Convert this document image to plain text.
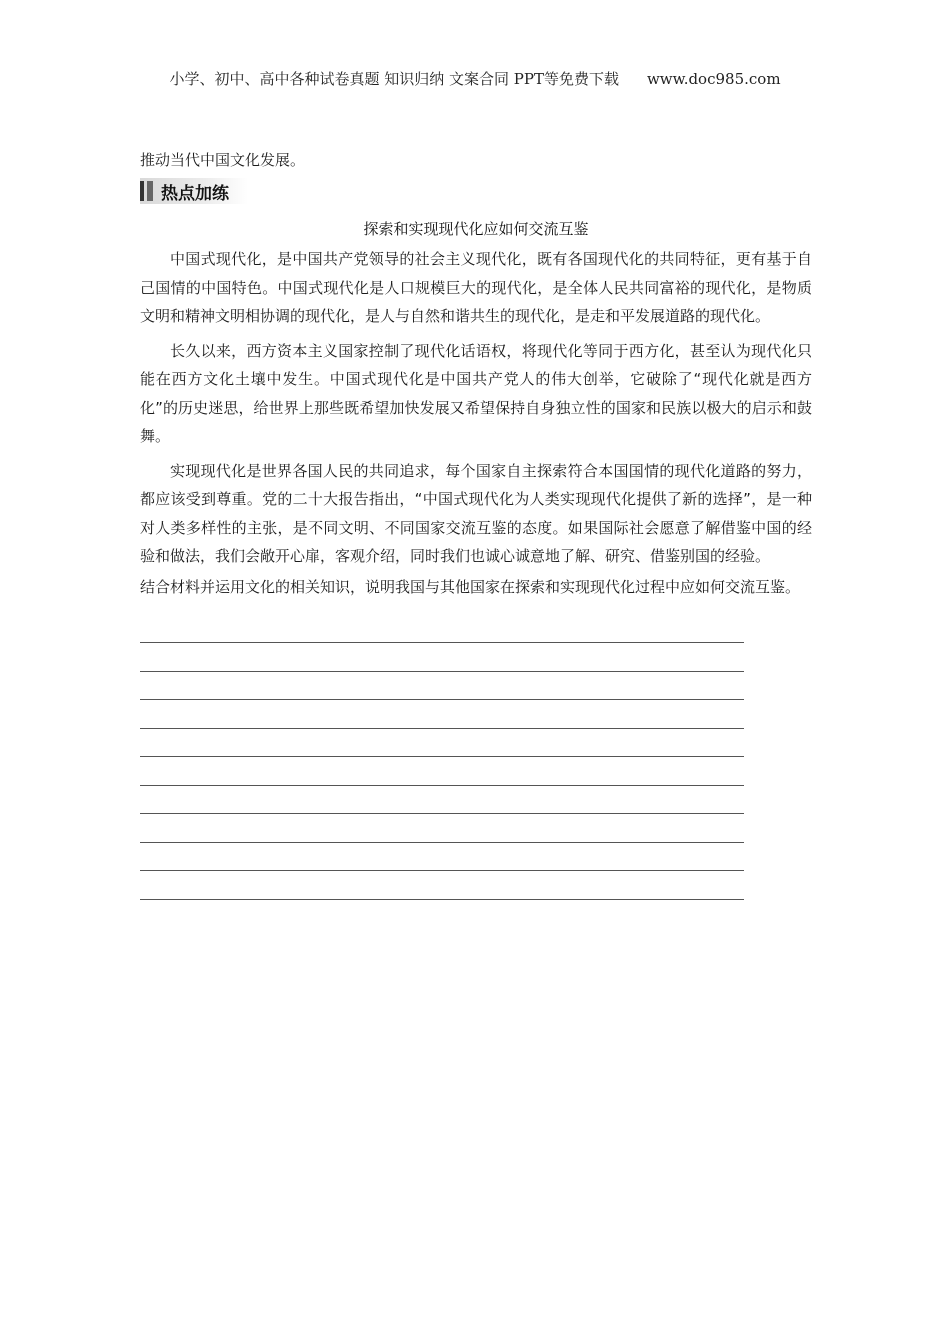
小学、初中、高中各种试卷真题 知识归纳 文案合同 PPT等免费下载 www.doc985.com

推动当代中国文化发展。

热点加练
探索和实现现代化应如何交流互鉴

中国式现代化，是中国共产党领导的社会主义现代化，既有各国现代化的共同特征，更有基于自己国情的中国特色。中国式现代化是人口规模巨大的现代化，是全体人民共同富裕的现代化，是物质文明和精神文明相协调的现代化，是人与自然和谐共生的现代化，是走和平发展道路的现代化。

长久以来，西方资本主义国家控制了现代化话语权，将现代化等同于西方化，甚至认为现代化只能在西方文化土壤中发生。中国式现代化是中国共产党人的伟大创举，它破除了“现代化就是西方化”的历史迷思，给世界上那些既希望加快发展又希望保持自身独立性的国家和民族以极大的启示和鼓舞。

实现现代化是世界各国人民的共同追求，每个国家自主探索符合本国国情的现代化道路的努力，都应该受到尊重。党的二十大报告指出，“中国式现代化为人类实现现代化提供了新的选择”，是一种对人类多样性的主张，是不同文明、不同国家交流互鉴的态度。如果国际社会愿意了解借鉴中国的经验和做法，我们会敞开心扉，客观介绍，同时我们也诚心诚意地了解、研究、借鉴别国的经验。

结合材料并运用文化的相关知识，说明我国与其他国家在探索和实现现代化过程中应如何交流互鉴。
